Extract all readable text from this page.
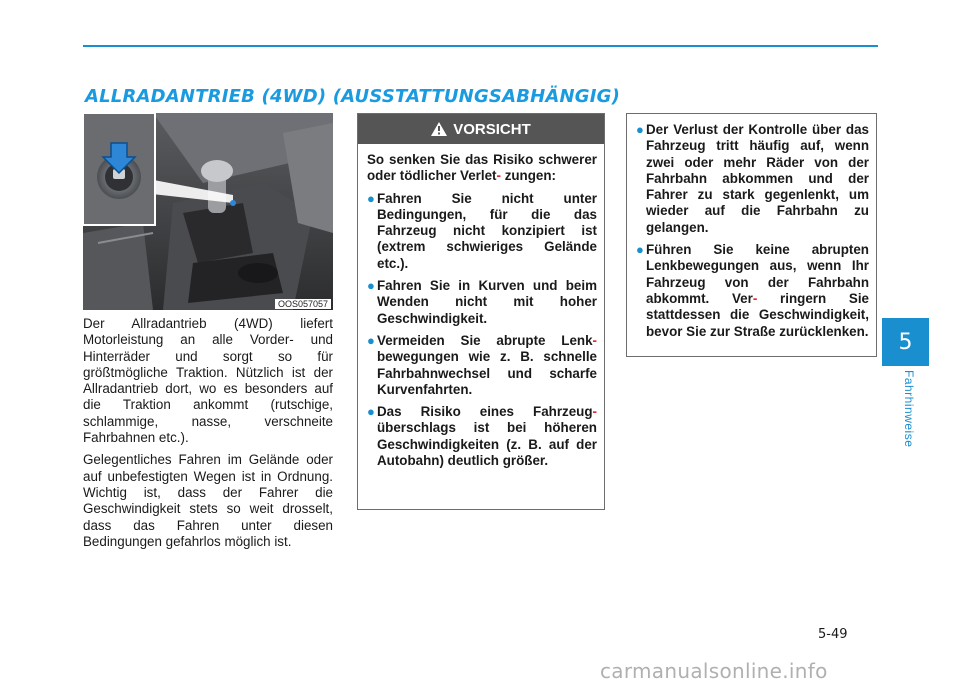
ALLRADANTRIEB (4WD) (AUSSTATTUNGSABHÄNGIG)
OOS057057

Der Allradantrieb (4WD) liefert Motorleistung an alle Vorder- und Hinterräder und sorgt so für größtmögliche Traktion. Nützlich ist der Allradantrieb dort, wo es besonders auf die Traktion ankommt (rutschige, schlammige, nasse, verschneite Fahrbahnen etc.).

Gelegentliches Fahren im Gelände oder auf unbefestigten Wegen ist in Ordnung. Wichtig ist, dass der Fahrer die Geschwindigkeit stets so weit drosselt, dass das Fahren unter diesen Bedingungen gefahrlos möglich ist.

VORSICHT
So senken Sie das Risiko schwerer oder tödlicher Verlet- zungen:
● Fahren Sie nicht unter Bedingungen, für die das Fahrzeug nicht konzipiert ist (extrem schwieriges Gelände etc.).
● Fahren Sie in Kurven und beim Wenden nicht mit hoher Geschwindigkeit.
● Vermeiden Sie abrupte Lenk- bewegungen wie z. B. schnelle Fahrbahnwechsel und scharfe Kurvenfahrten.
● Das Risiko eines Fahrzeug- überschlags ist bei höheren Geschwindigkeiten (z. B. auf der Autobahn) deutlich größer.
● Der Verlust der Kontrolle über das Fahrzeug tritt häufig auf, wenn zwei oder mehr Räder von der Fahrbahn abkommen und der Fahrer zu stark gegenlenkt, um wieder auf die Fahrbahn zu gelangen.
● Führen Sie keine abrupten Lenkbewegungen aus, wenn Ihr Fahrzeug von der Fahrbahn abkommt. Ver- ringern Sie stattdessen die Geschwindigkeit, bevor Sie zur Straße zurücklenken.	5
Fahrhinweise
5-49
carmanualsonline.info
